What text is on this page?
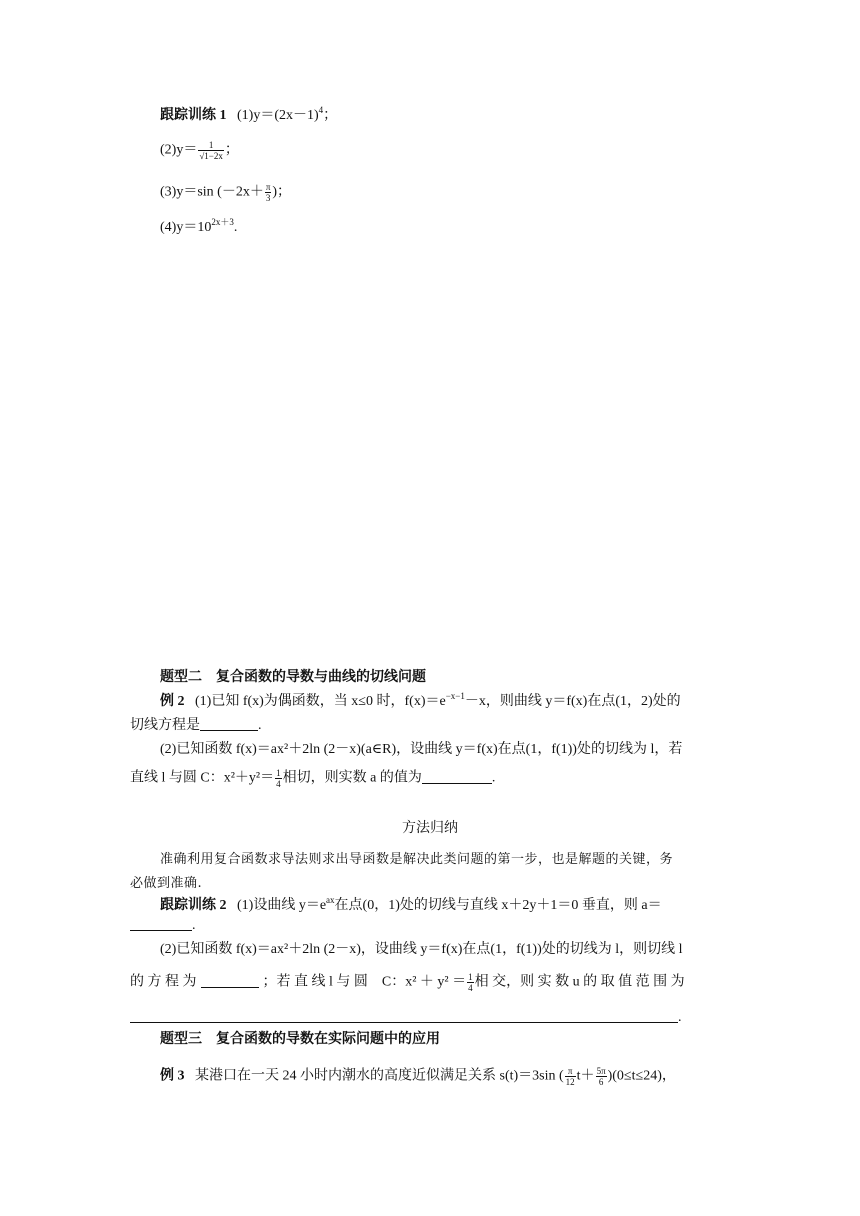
跟踪训练 1 $(1)y=(2x-1)^4$；
$(2)y= \frac{1}{√1-2x}$ ；
(3)y＝sin ($-2x+ \frac{\pi}{3}$ )；
$(4)y=10^{2x+3}$.
题型二　复合函数的导数与曲线的切线问题
例 2 (1)已知 f(x)为偶函数，当 x≤0 时，$f(x)=e^{-x-1}-x$，则曲线 y＝f(x)在点(1，2)处的
切线方程是	.
(2)已知函数 f(x)＝ax²＋2ln (2－x)(a∈R)，设曲线 y＝f(x)在点(1，f(1))处的切线为 l，若
直线 l 与圆 C：$x^2+y^2= \frac{1}{4}$ 相切，则实数 a 的值为	.
方法归纳
准确利用复合函数求导法则求出导函数是解决此类问题的第一步，也是解题的关键，务
必做到准确.
跟踪训练 2 (1)设曲线 $y=e^{ax}$在点(0，1)处的切线与直线 x＋2y＋1＝0 垂直，则 a＝
.
(2)已知函数 f(x)＝ax²＋2ln (2－x)，设曲线 y＝f(x)在点(1，f(1))处的切线为 l，则切线 l
的 方 程 为	；若 直 线 l 与 圆　C：$x^2 + y^2 = \frac{1}{4}$ 相 交，则 实 数 u 的 取 值 范 围 为
.
题型三　复合函数的导数在实际问题中的应用
例 3 某港口在一天 24 小时内潮水的高度近似满足关系 s(t)＝3sin ( $\frac{\pi}{12} t+ \frac{5\pi}{6} )(0\le t\le 24)$，
